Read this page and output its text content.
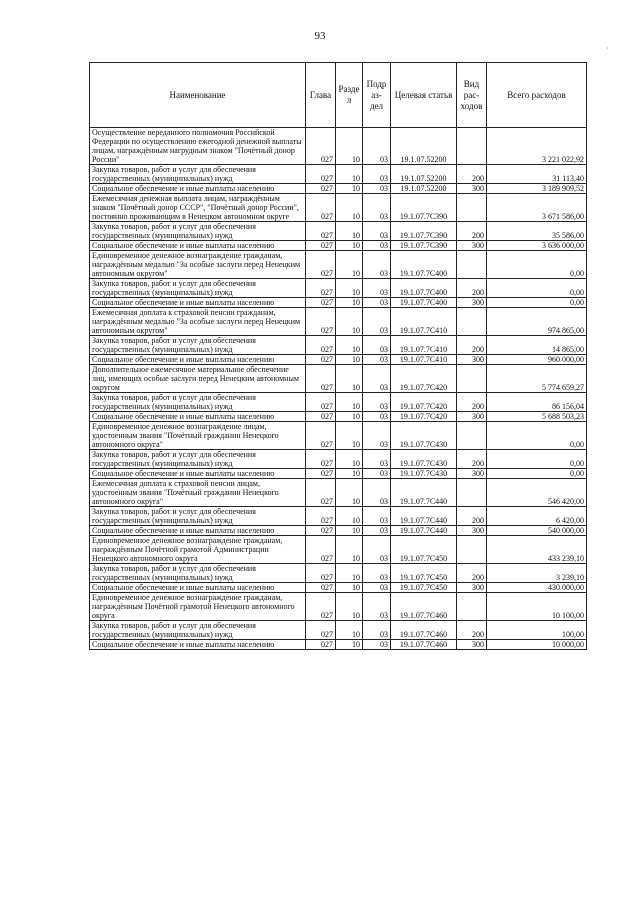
93
·
Наименование	Глава	Разде л	Подр аз- дел	Целевая статья	Вид рас- ходов	Всего расходов
Осуществление переданного полномочия Российской Федерации по осуществлению ежегодной денежной выплаты лицам, награждённым нагрудным знаком "Почётный донор России"	027	10	03	19.1.07.52200		3 221 022,92
Закупка товаров, работ и услуг для обеспечения государственных (муниципальных) нужд	027	10	03	19.1.07.52200	200	31 113,40
Социальное обеспечение и иные выплаты населению	027	10	03	19.1.07.52200	300	3 189 909,52
Ежемесячная денежная выплата лицам, награждённым знаком "Почётный донор СССР", "Почётный донор России", постоянно проживающим в Ненецком автономном округе	027	10	03	19.1.07.7С390		3 671 586,00
Закупка товаров, работ и услуг для обеспечения государственных (муниципальных) нужд	027	10	03	19.1.07.7С390	200	35 586,00
Социальное обеспечение и иные выплаты населению	027	10	03	19.1.07.7С390	300	3 636 000,00
Единовременное денежное вознаграждение гражданам, награждённым медалью "За особые заслуги перед Ненецким автономным округом"	027	10	03	19.1.07.7С400		0,00
Закупка товаров, работ и услуг для обеспечения государственных (муниципальных) нужд	027	10	03	19.1.07.7С400	200	0,00
Социальное обеспечение и иные выплаты населению	027	10	03	19.1.07.7С400	300	0,00
Ежемесячная доплата к страховой пенсии гражданам, награждённым медалью "За особые заслуги перед Ненецким автономным округом"	027	10	03	19.1.07.7С410		974 865,00
Закупка товаров, работ и услуг для обеспечения государственных (муниципальных) нужд	027	10	03	19.1.07.7С410	200	14 865,00
Социальное обеспечение и иные выплаты населению	027	10	03	19.1.07.7С410	300	960 000,00
Дополнительное ежемесячное материальное обеспечение лиц, имеющих особые заслуги перед Ненецким автономным округом	027	10	03	19.1.07.7С420		5 774 659,27
Закупка товаров, работ и услуг для обеспечения государственных (муниципальных) нужд	027	10	03	19.1.07.7С420	200	86 156,04
Социальное обеспечение и иные выплаты населению	027	10	03	19.1.07.7С420	300	5 688 503,23
Единовременное денежное вознаграждение лицам, удостоенным звания "Почётный гражданин Ненецкого автономного округа"	027	10	03	19.1.07.7С430		0,00
Закупка товаров, работ и услуг для обеспечения государственных (муниципальных) нужд	027	10	03	19.1.07.7С430	200	0,00
Социальное обеспечение и иные выплаты населению	027	10	03	19.1.07.7С430	300	0,00
Ежемесячная доплата к страховой пенсии лицам, удостоенным звания "Почётный гражданин Ненецкого автономного округа"	027	10	03	19.1.07.7С440		546 420,00
Закупка товаров, работ и услуг для обеспечения государственных (муниципальных) нужд	027	10	03	19.1.07.7С440	200	6 420,00
Социальное обеспечение и иные выплаты населению	027	10	03	19.1.07.7С440	300	540 000,00
Единовременное денежное вознаграждение гражданам, награждённым Почётной грамотой Администрации Ненецкого автономного округа	027	10	03	19.1.07.7С450		433 239,10
Закупка товаров, работ и услуг для обеспечения государственных (муниципальных) нужд	027	10	03	19.1.07.7С450	200	3 239,10
Социальное обеспечение и иные выплаты населению	027	10	03	19.1.07.7С450	300	430 000,00
Единовременное денежное вознаграждение гражданам, награждённым Почётной грамотой Ненецкого автономного округа	027	10	03	19.1.07.7С460		10 100,00
Закупка товаров, работ и услуг для обеспечения государственных (муниципальных) нужд	027	10	03	19.1.07.7С460	200	100,00
Социальное обеспечение и иные выплаты населению	027	10	03	19.1.07.7С460	300	10 000,00
